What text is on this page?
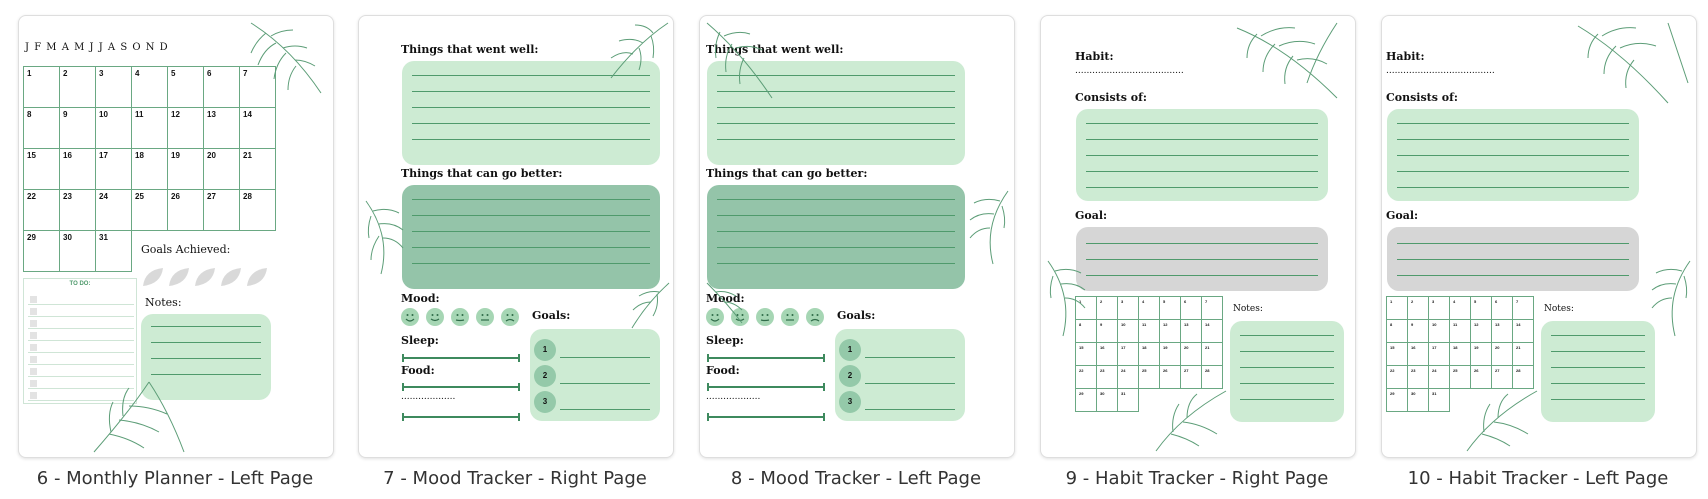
J F M A M J J A S O N D
1	2	3	4	5	6	7
8	9	10	11	12	13	14
15	16	17	18	19	20	21
22	23	24	25	26	27	28
29	30	31				
Goals Achieved:
Notes:
TO DO:
6 - Monthly Planner - Left Page
Things that went well:
Things that can go better:
Mood:
Goals:
Sleep:
Food:
...................
1
2
3
7 - Mood Tracker - Right Page
Things that went well:
Things that can go better:
Mood:
Goals:
Sleep:
Food:
...................
1
2
3
8 - Mood Tracker - Left Page
Habit:
......................................
Consists of:
Goal:
1	2	3	4	5	6	7
8	9	10	11	12	13	14
15	16	17	18	19	20	21
22	23	24	25	26	27	28
29	30	31				
Notes:
9 - Habit Tracker - Right Page
Habit:
......................................
Consists of:
Goal:
1	2	3	4	5	6	7
8	9	10	11	12	13	14
15	16	17	18	19	20	21
22	23	24	25	26	27	28
29	30	31				
Notes:
10 - Habit Tracker - Left Page
